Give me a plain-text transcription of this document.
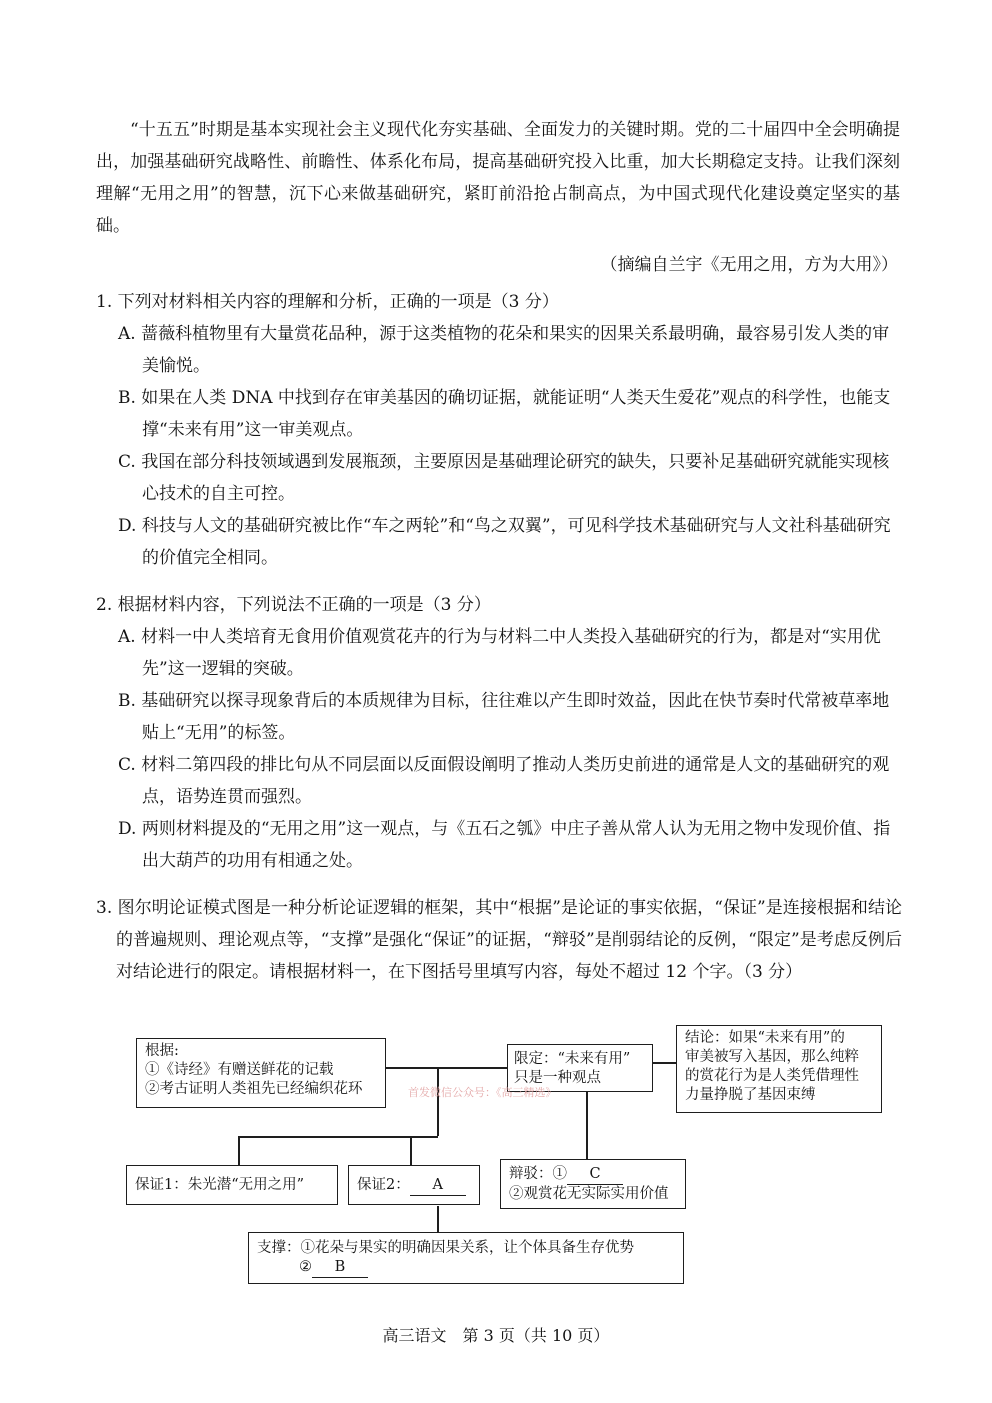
“十五五”时期是基本实现社会主义现代化夯实基础、全面发力的关键时期。党的二十届四中全会明确提出，加强基础研究战略性、前瞻性、体系化布局，提高基础研究投入比重，加大长期稳定支持。让我们深刻理解“无用之用”的智慧，沉下心来做基础研究，紧盯前沿抢占制高点，为中国式现代化建设奠定坚实的基础。
（摘编自兰宇《无用之用，方为大用》）
1. 下列对材料相关内容的理解和分析，正确的一项是（3 分）
A. 蔷薇科植物里有大量赏花品种，源于这类植物的花朵和果实的因果关系最明确，最容易引发人类的审美愉悦。
B. 如果在人类 DNA 中找到存在审美基因的确切证据，就能证明“人类天生爱花”观点的科学性，也能支撑“未来有用”这一审美观点。
C. 我国在部分科技领域遇到发展瓶颈，主要原因是基础理论研究的缺失，只要补足基础研究就能实现核心技术的自主可控。
D. 科技与人文的基础研究被比作“车之两轮”和“鸟之双翼”，可见科学技术基础研究与人文社科基础研究的价值完全相同。
2. 根据材料内容，下列说法不正确的一项是（3 分）
A. 材料一中人类培育无食用价值观赏花卉的行为与材料二中人类投入基础研究的行为，都是对“实用优先”这一逻辑的突破。
B. 基础研究以探寻现象背后的本质规律为目标，往往难以产生即时效益，因此在快节奏时代常被草率地贴上“无用”的标签。
C. 材料二第四段的排比句从不同层面以反面假设阐明了推动人类历史前进的通常是人文的基础研究的观点，语势连贯而强烈。
D. 两则材料提及的“无用之用”这一观点，与《五石之瓠》中庄子善从常人认为无用之物中发现价值、指出大葫芦的功用有相通之处。
3. 图尔明论证模式图是一种分析论证逻辑的框架，其中“根据”是论证的事实依据，“保证”是连接根据和结论的普遍规则、理论观点等，“支撑”是强化“保证”的证据，“辩驳”是削弱结论的反例，“限定”是考虑反例后对结论进行的限定。请根据材料一，在下图括号里填写内容，每处不超过 12 个字。（3 分）
根据:
①《诗经》有赠送鲜花的记载
②考古证明人类祖先已经编织花环
限定：“未来有用”
只是一种观点
结论：如果“未来有用”的
审美被写入基因，那么纯粹
的赏花行为是人类凭借理性
力量挣脱了基因束缚
保证1：朱光潜“无用之用”	保证2： A
辩驳：① C
②观赏花无实际实用价值
支撑：①花朵与果实的明确因果关系，让个体具备生存优势
② B
首发微信公众号：《高三精选》
高三语文　第 3 页（共 10 页）
